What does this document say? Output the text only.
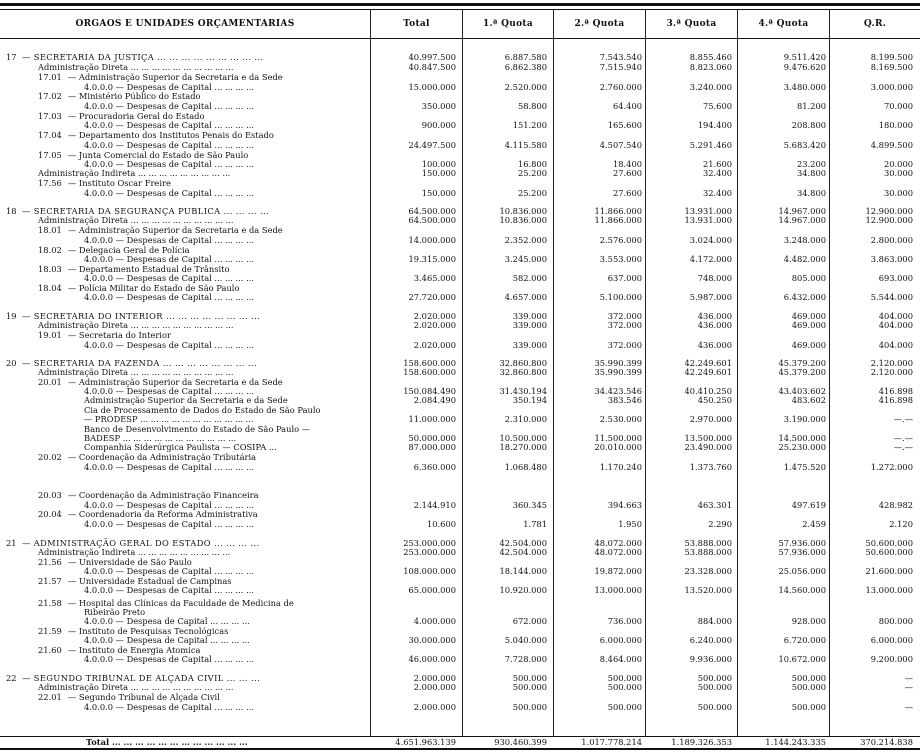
ORGAOS E UNIDADES ORÇAMENTARIAS	Total	1.ª Quota	2.ª Quota	3.ª Quota	4.ª Quota	Q.R.
17 — SECRETARIA DA JUSTIÇA ... ... ... ... ... ... ... ... ...	40.997.500	6.887.580	7.543.540	8.855.460	9.511.420	8.199.500
Administração Direta ... ... ... ... ... ... ... ... ... ...	40.847.500	6.862.380	7.515.940	8.823.060	9.476.620	8.169.500
17.01 — Administração Superior da Secretaria e da Sede
4.0.0.0 — Despesas de Capital ... ... ... ...	15.000.000	2.520.000	2.760.000	3.240.000	3.480.000	3.000.000
17.02 — Ministério Público do Estado
4.0.0.0 — Despesas de Capital ... ... ... ...	350.000	58.800	64.400	75.600	81.200	70.000
17.03 — Procuradoria Geral do Estado
4.0.0.0 — Despesas de Capital ... ... ... ...	900.000	151.200	165.600	194.400	208.800	180.000
17.04 — Departamento dos Institutos Penais do Estado
4.0.0.0 — Despesas de Capital ... ... ... ...	24.497.500	4.115.580	4.507.540	5.291.460	5.683.420	4.899.500
17.05 — Junta Comercial do Estado de São Paulo
4.0.0.0 — Despesas de Capital ... ... ... ...	100.000	16.800	18.400	21.600	23.200	20.000
Administração Indireta ... ... ... ... ... ... ... ... ...	150.000	25.200	27.600	32.400	34.800	30.000
17.56 — Instituto Oscar Freire
4.0.0.0 — Despesas de Capital ... ... ... ...	150.000	25.200	27.600	32.400	34.800	30.000
18 — SECRETARIA DA SEGURANÇA PUBLICA ... ... ... ...	64.500.000	10.836.000	11.866.000	13.931.000	14.967.000	12.900.000
Administração Direta ... ... ... ... ... ... ... ... ... ...	64.500.000	10.836.000	11.866.000	13.931.000	14.967.000	12.900.000
18.01 — Administração Superior da Secretaria e da Sede
4.0.0.0 — Despesas de Capital ... ... ... ...	14.000.000	2.352.000	2.576.000	3.024.000	3.248.000	2.800.000
18.02 — Delegacia Geral de Polícia
4.0.0.0 — Despesas de Capital ... ... ... ...	19.315.000	3.245.000	3.553.000	4.172.000	4.482.000	3.863.000
18.03 — Departamento Estadual de Trânsito
4.0.0.0 — Despesas de Capital ... ... ... ...	3.465.000	582.000	637.000	748.000	805.000	693.000
18.04 — Polícia Militar do Estado de São Paulo
4.0.0.0 — Despesas de Capital ... ... ... ...	27.720.000	4.657.000	5.100.000	5.987.000	6.432.000	5.544.000
19 — SECRETARIA DO INTERIOR ... ... ... ... ... ... ... ...	2.020.000	339.000	372.000	436.000	469.000	404.000
Administração Direta ... ... ... ... ... ... ... ... ... ...	2.020.000	339.000	372.000	436.000	469.000	404.000
19.01 — Secretaria do Interior
4.0.0.0 — Despesas de Capital ... ... ... ...	2.020.000	339.000	372.000	436.000	469.000	404.000
20 — SECRETARIA DA FAZENDA ... ... ... ... ... ... ... ...	158.600.000	32.860.800	35.990.399	42.249.601	45.379.200	2.120.000
Administração Direta ... ... ... ... ... ... ... ... ... ...	158.600.000	32.860.800	35.990.399	42.249.601	45.379.200	2.120.000
20.01 — Administração Superior da Secretaria e da Sede
4.0.0.0 — Despesas de Capital ... ... ... ...	150.084.490	31.430.194	34.423.546	40.410.250	43.403.602	416.898
Administração Superior da Secretaria e da Sede	2.084.490	350.194	383.546	450.250	483.602	416.898
Cia de Processamento de Dados do Estado de São Paulo
— PRODESP ... ... ... ... ... ... ... ... ... ... ...	11.000.000	2.310.000	2.530.000	2.970.000	3.190.000	—.—
Banco de Desenvolvimento do Estado de São Paulo —
BADESP ... ... ... ... ... ... ... ... ... ... ...	50.000.000	10.500.000	11.500.000	13.500.000	14.500.000	—.—
Companhia Siderúrgica Paulista — COSIPA ...	87.000.000	18.270.000	20.010.000	23.490.000	25.230.000	—.—
20.02 — Coordenação da Administração Tributária
4.0.0.0 — Despesas de Capital ... ... ... ...	6.360.000	1.068.480	1.170.240	1.373.760	1.475.520	1.272.000
20.03 — Coordenação da Administração Financeira
4.0.0.0 — Despesas de Capital ... ... ... ...	2.144.910	360.345	394.663	463.301	497.619	428.982
20.04 — Coordenadoria da Reforma Administrativa
4.0.0.0 — Despesas de Capital ... ... ... ...	10.600	1.781	1.950	2.290	2.459	2.120
21 — ADMINISTRAÇÃO GERAL DO ESTADO ... ... ... ...	253.000.000	42.504.000	48.072.000	53.888.000	57.936.000	50.600.000
Administração Indireta ... ... ... ... ... ... ... ... ...	253.000.000	42.504.000	48.072.000	53.888.000	57.936.000	50.600.000
21.56 — Universidade de São Paulo
4.0.0.0 — Despesas de Capital ... ... ... ...	108.000.000	18.144.000	19.872.000	23.328.000	25.056.000	21.600.000
21.57 — Universidade Estadual de Campinas
4.0.0.0 — Despesas de Capital ... ... ... ...	65.000.000	10.920.000	13.000.000	13.520.000	14.560.000	13.000.000
21.58 — Hospital das Clínicas da Faculdade de Medicina de
Ribeirão Preto
4.0.0.0 — Despesa de Capital ... ... ... ...	4.000.000	672.000	736.000	884.000	928.000	800.000
21.59 — Instituto de Pesquisas Tecnológicas
4.0.0.0 — Despesa de Capital ... ... ... ...	30.000.000	5.040.000	6.000.000	6.240.000	6.720.000	6.000.000
21.60 — Instituto de Energia Atomica
4.0.0.0 — Despesas de Capital ... ... ... ...	46.000.000	7.728.000	8.464.000	9.936.000	10.672.000	9.200.000
22 — SEGUNDO TRIBUNAL DE ALÇADA CIVIL ... ... ...	2.000.000	500.000	500.000	500.000	500.000	—
Administração Direta ... ... ... ... ... ... ... ... ... ...	2.000.000	500.000	500.000	500.000	500.000	—
22.01 — Segundo Tribunal de Alçada Civil
4.0.0.0 — Despesas de Capital ... ... ... ...	2.000.000	500.000	500.000	500.000	500.000	—
Total ... ... ... ... ... ... ... ... ... ... ... ...	4.651.963.139	930.460.399	1.017.778.214	1.189.326.353	1.144.243.335	370.214.838
